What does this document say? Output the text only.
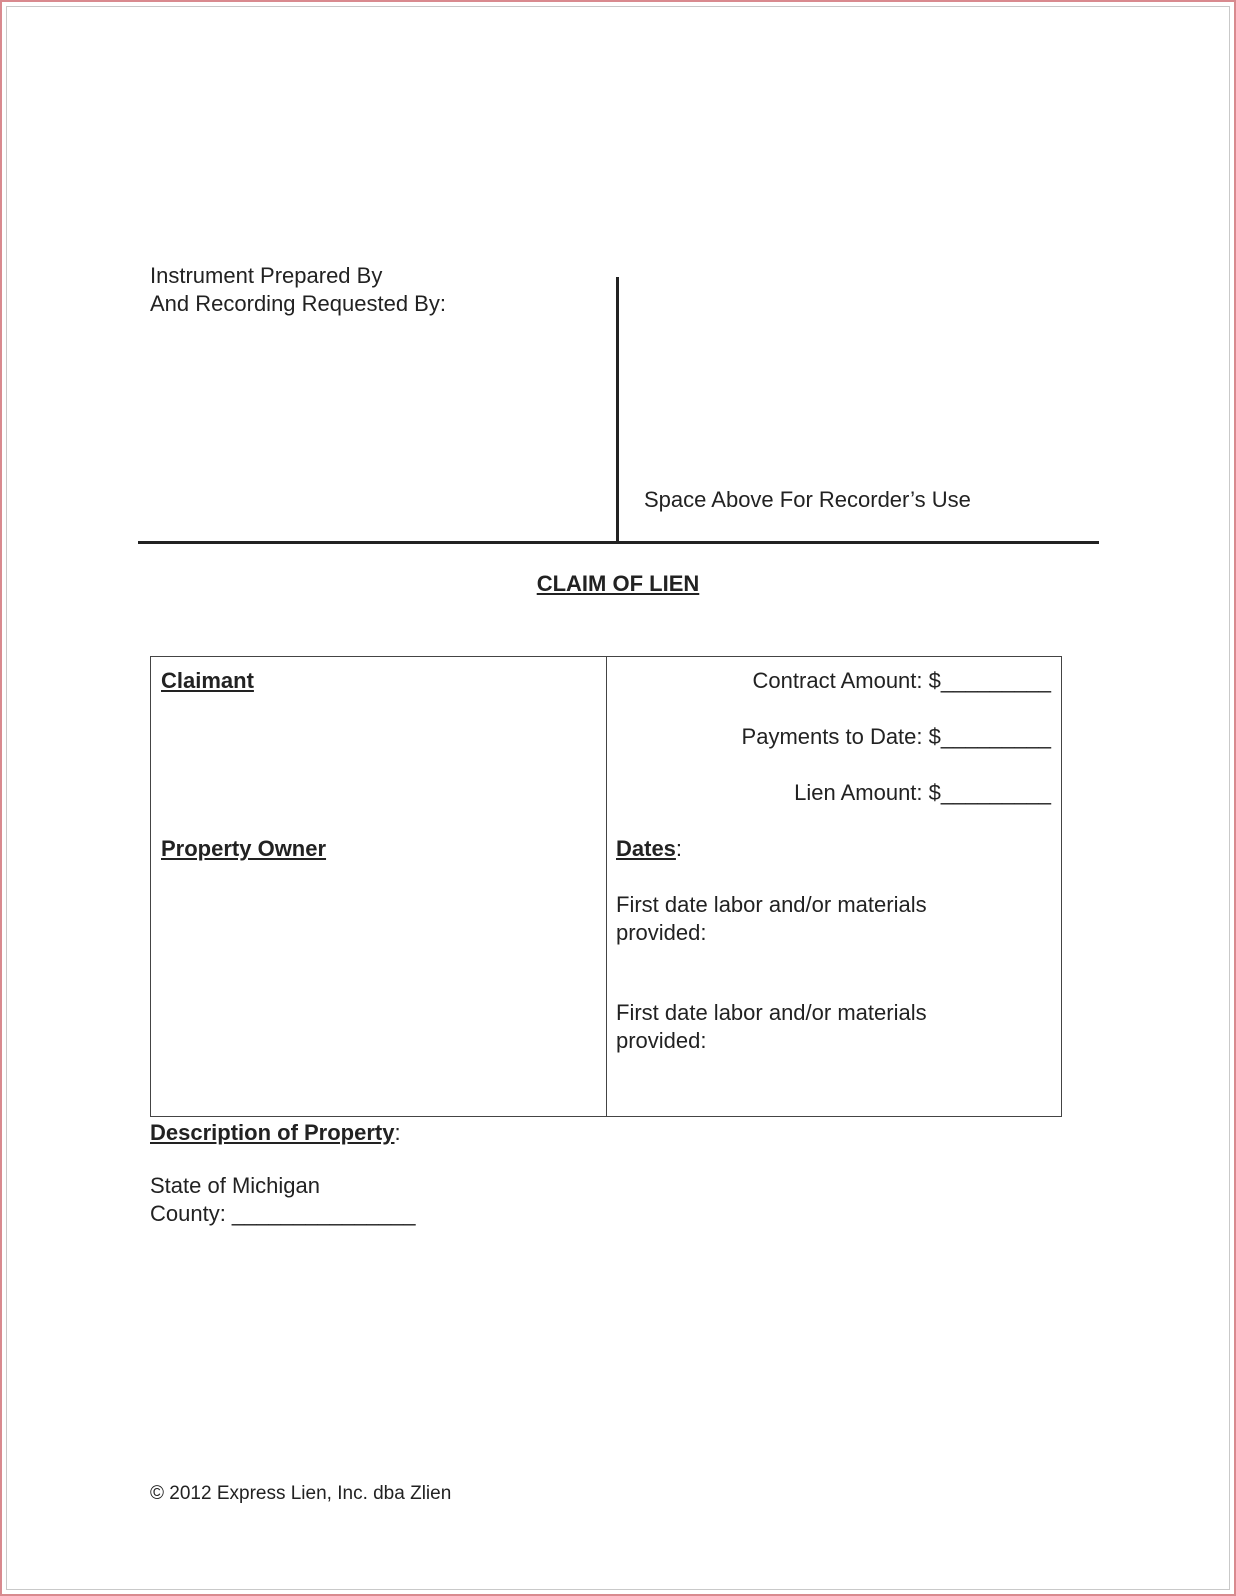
Instrument Prepared By
And Recording Requested By:
Space Above For Recorder’s Use
CLAIM OF LIEN
Claimant
Property Owner
Contract Amount: $_________
Payments to Date: $_________
Lien Amount: $_________
Dates:
First date labor and/or materials
provided:
First date labor and/or materials
provided:
Description of Property:
State of Michigan
County: _______________
© 2012 Express Lien, Inc. dba Zlien
